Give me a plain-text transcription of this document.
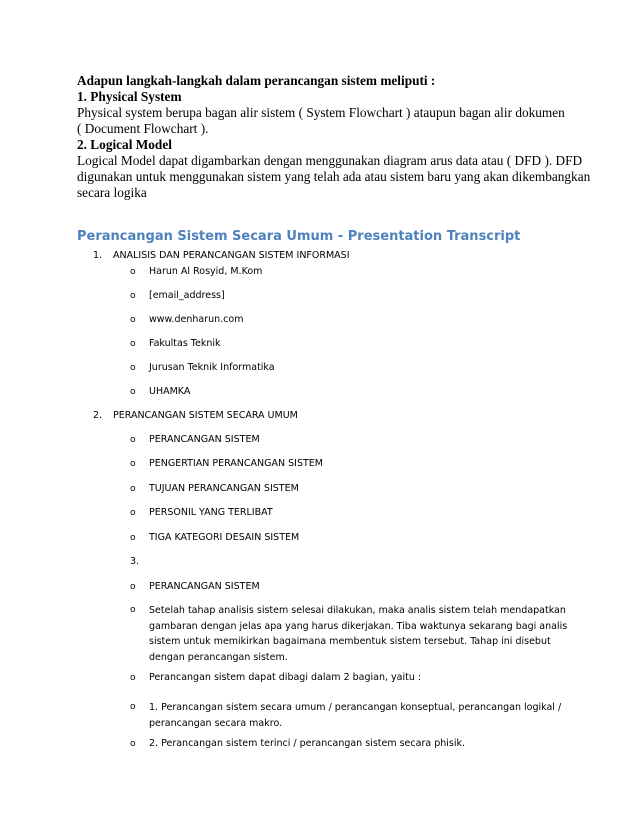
Adapun langkah-langkah dalam perancangan sistem meliputi :
1. Physical System
Physical system berupa bagan alir sistem ( System Flowchart ) ataupun bagan alir dokumen
( Document Flowchart ).
2. Logical Model
Logical Model dapat digambarkan dengan menggunakan diagram arus data atau ( DFD ). DFD
digunakan untuk menggunakan sistem yang telah ada atau sistem baru yang akan dikembangkan
secara logika
Perancangan Sistem Secara Umum - Presentation Transcript
1. ANALISIS DAN PERANCANGAN SISTEM INFORMASI
o Harun Al Rosyid, M.Kom
o [email_address]
o www.denharun.com
o Fakultas Teknik
o Jurusan Teknik Informatika
o UHAMKA
2. PERANCANGAN SISTEM SECARA UMUM
o PERANCANGAN SISTEM
o PENGERTIAN PERANCANGAN SISTEM
o TUJUAN PERANCANGAN SISTEM
o PERSONIL YANG TERLIBAT
o TIGA KATEGORI DESAIN SISTEM
3.
o PERANCANGAN SISTEM
o Setelah tahap analisis sistem selesai dilakukan, maka analis sistem telah mendapatkan gambaran dengan jelas apa yang harus dikerjakan. Tiba waktunya sekarang bagi analis sistem untuk memikirkan bagaimana membentuk sistem tersebut. Tahap ini disebut dengan perancangan sistem.
o Perancangan sistem dapat dibagi dalam 2 bagian, yaitu :
o 1. Perancangan sistem secara umum / perancangan konseptual, perancangan logikal / perancangan secara makro.
o 2. Perancangan sistem terinci / perancangan sistem secara phisik.
